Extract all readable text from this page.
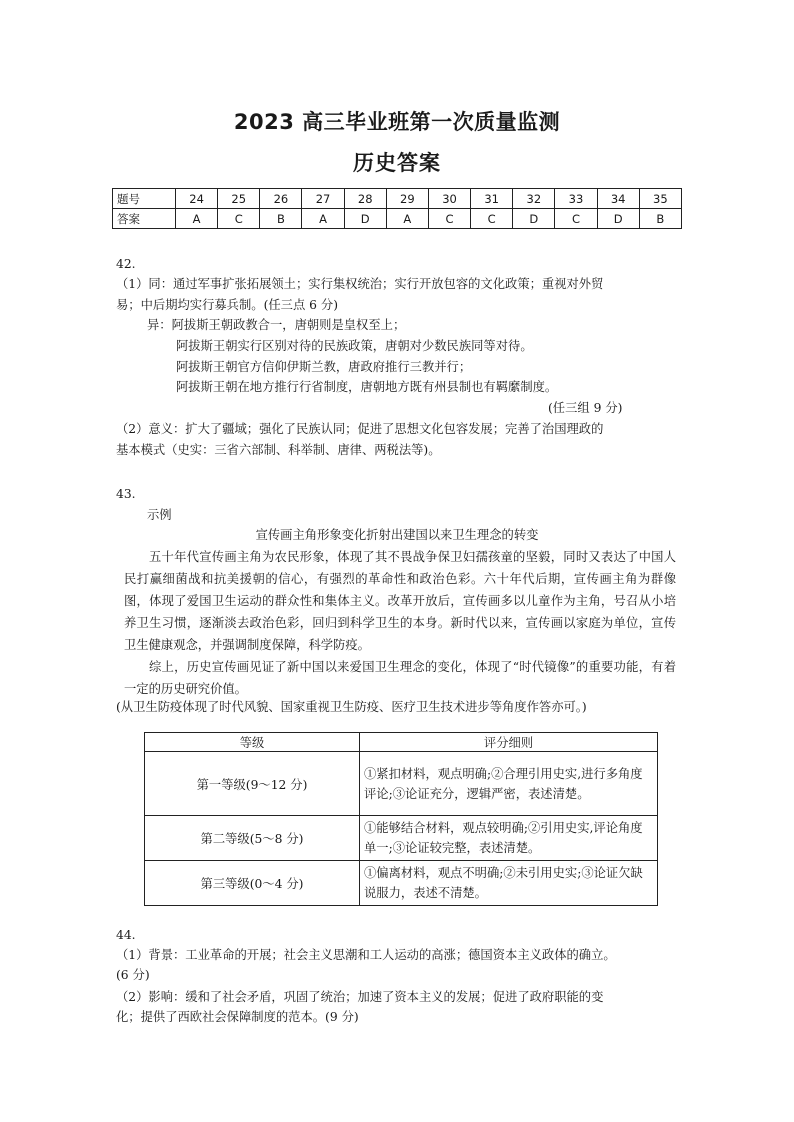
2023 高三毕业班第一次质量监测
历史答案
题号	24	25	26	27	28	29	30	31	32	33	34	35
答案	A	C	B	A	D	A	C	C	D	C	D	B
42.
（1）同：通过军事扩张拓展领土；实行集权统治；实行开放包容的文化政策；重视对外贸
易；中后期均实行募兵制。(任三点 6 分)
异：阿拔斯王朝政教合一，唐朝则是皇权至上；
阿拔斯王朝实行区别对待的民族政策，唐朝对少数民族同等对待。
阿拔斯王朝官方信仰伊斯兰教，唐政府推行三教并行；
阿拔斯王朝在地方推行行省制度，唐朝地方既有州县制也有羁縻制度。
(任三组 9 分)
（2）意义：扩大了疆域；强化了民族认同；促进了思想文化包容发展；完善了治国理政的
基本模式（史实：三省六部制、科举制、唐律、两税法等)。
43.
示例
宣传画主角形象变化折射出建国以来卫生理念的转变
五十年代宣传画主角为农民形象，体现了其不畏战争保卫妇孺孩童的坚毅，同时又表达了中国人民打赢细菌战和抗美援朝的信心，有强烈的革命性和政治色彩。六十年代后期，宣传画主角为群像图，体现了爱国卫生运动的群众性和集体主义。改革开放后，宣传画多以儿童作为主角，号召从小培养卫生习惯，逐渐淡去政治色彩，回归到科学卫生的本身。新时代以来，宣传画以家庭为单位，宣传卫生健康观念，并强调制度保障，科学防疫。
综上，历史宣传画见证了新中国以来爱国卫生理念的变化，体现了“时代镜像”的重要功能，有着一定的历史研究价值。
(从卫生防疫体现了时代风貌、国家重视卫生防疫、医疗卫生技术进步等角度作答亦可。)
等级	评分细则
第一等级(9～12 分)	①紧扣材料，观点明确;②合理引用史实,进行多角度评论;③论证充分，逻辑严密，表述清楚。
第二等级(5～8 分)	①能够结合材料，观点较明确;②引用史实,评论角度单一;③论证较完整，表述清楚。
第三等级(0～4 分)	①偏离材料，观点不明确;②未引用史实;③论证欠缺说服力，表述不清楚。
44.
（1）背景：工业革命的开展；社会主义思潮和工人运动的高涨；德国资本主义政体的确立。
(6 分)
（2）影响：缓和了社会矛盾，巩固了统治；加速了资本主义的发展；促进了政府职能的变
化；提供了西欧社会保障制度的范本。(9 分)
